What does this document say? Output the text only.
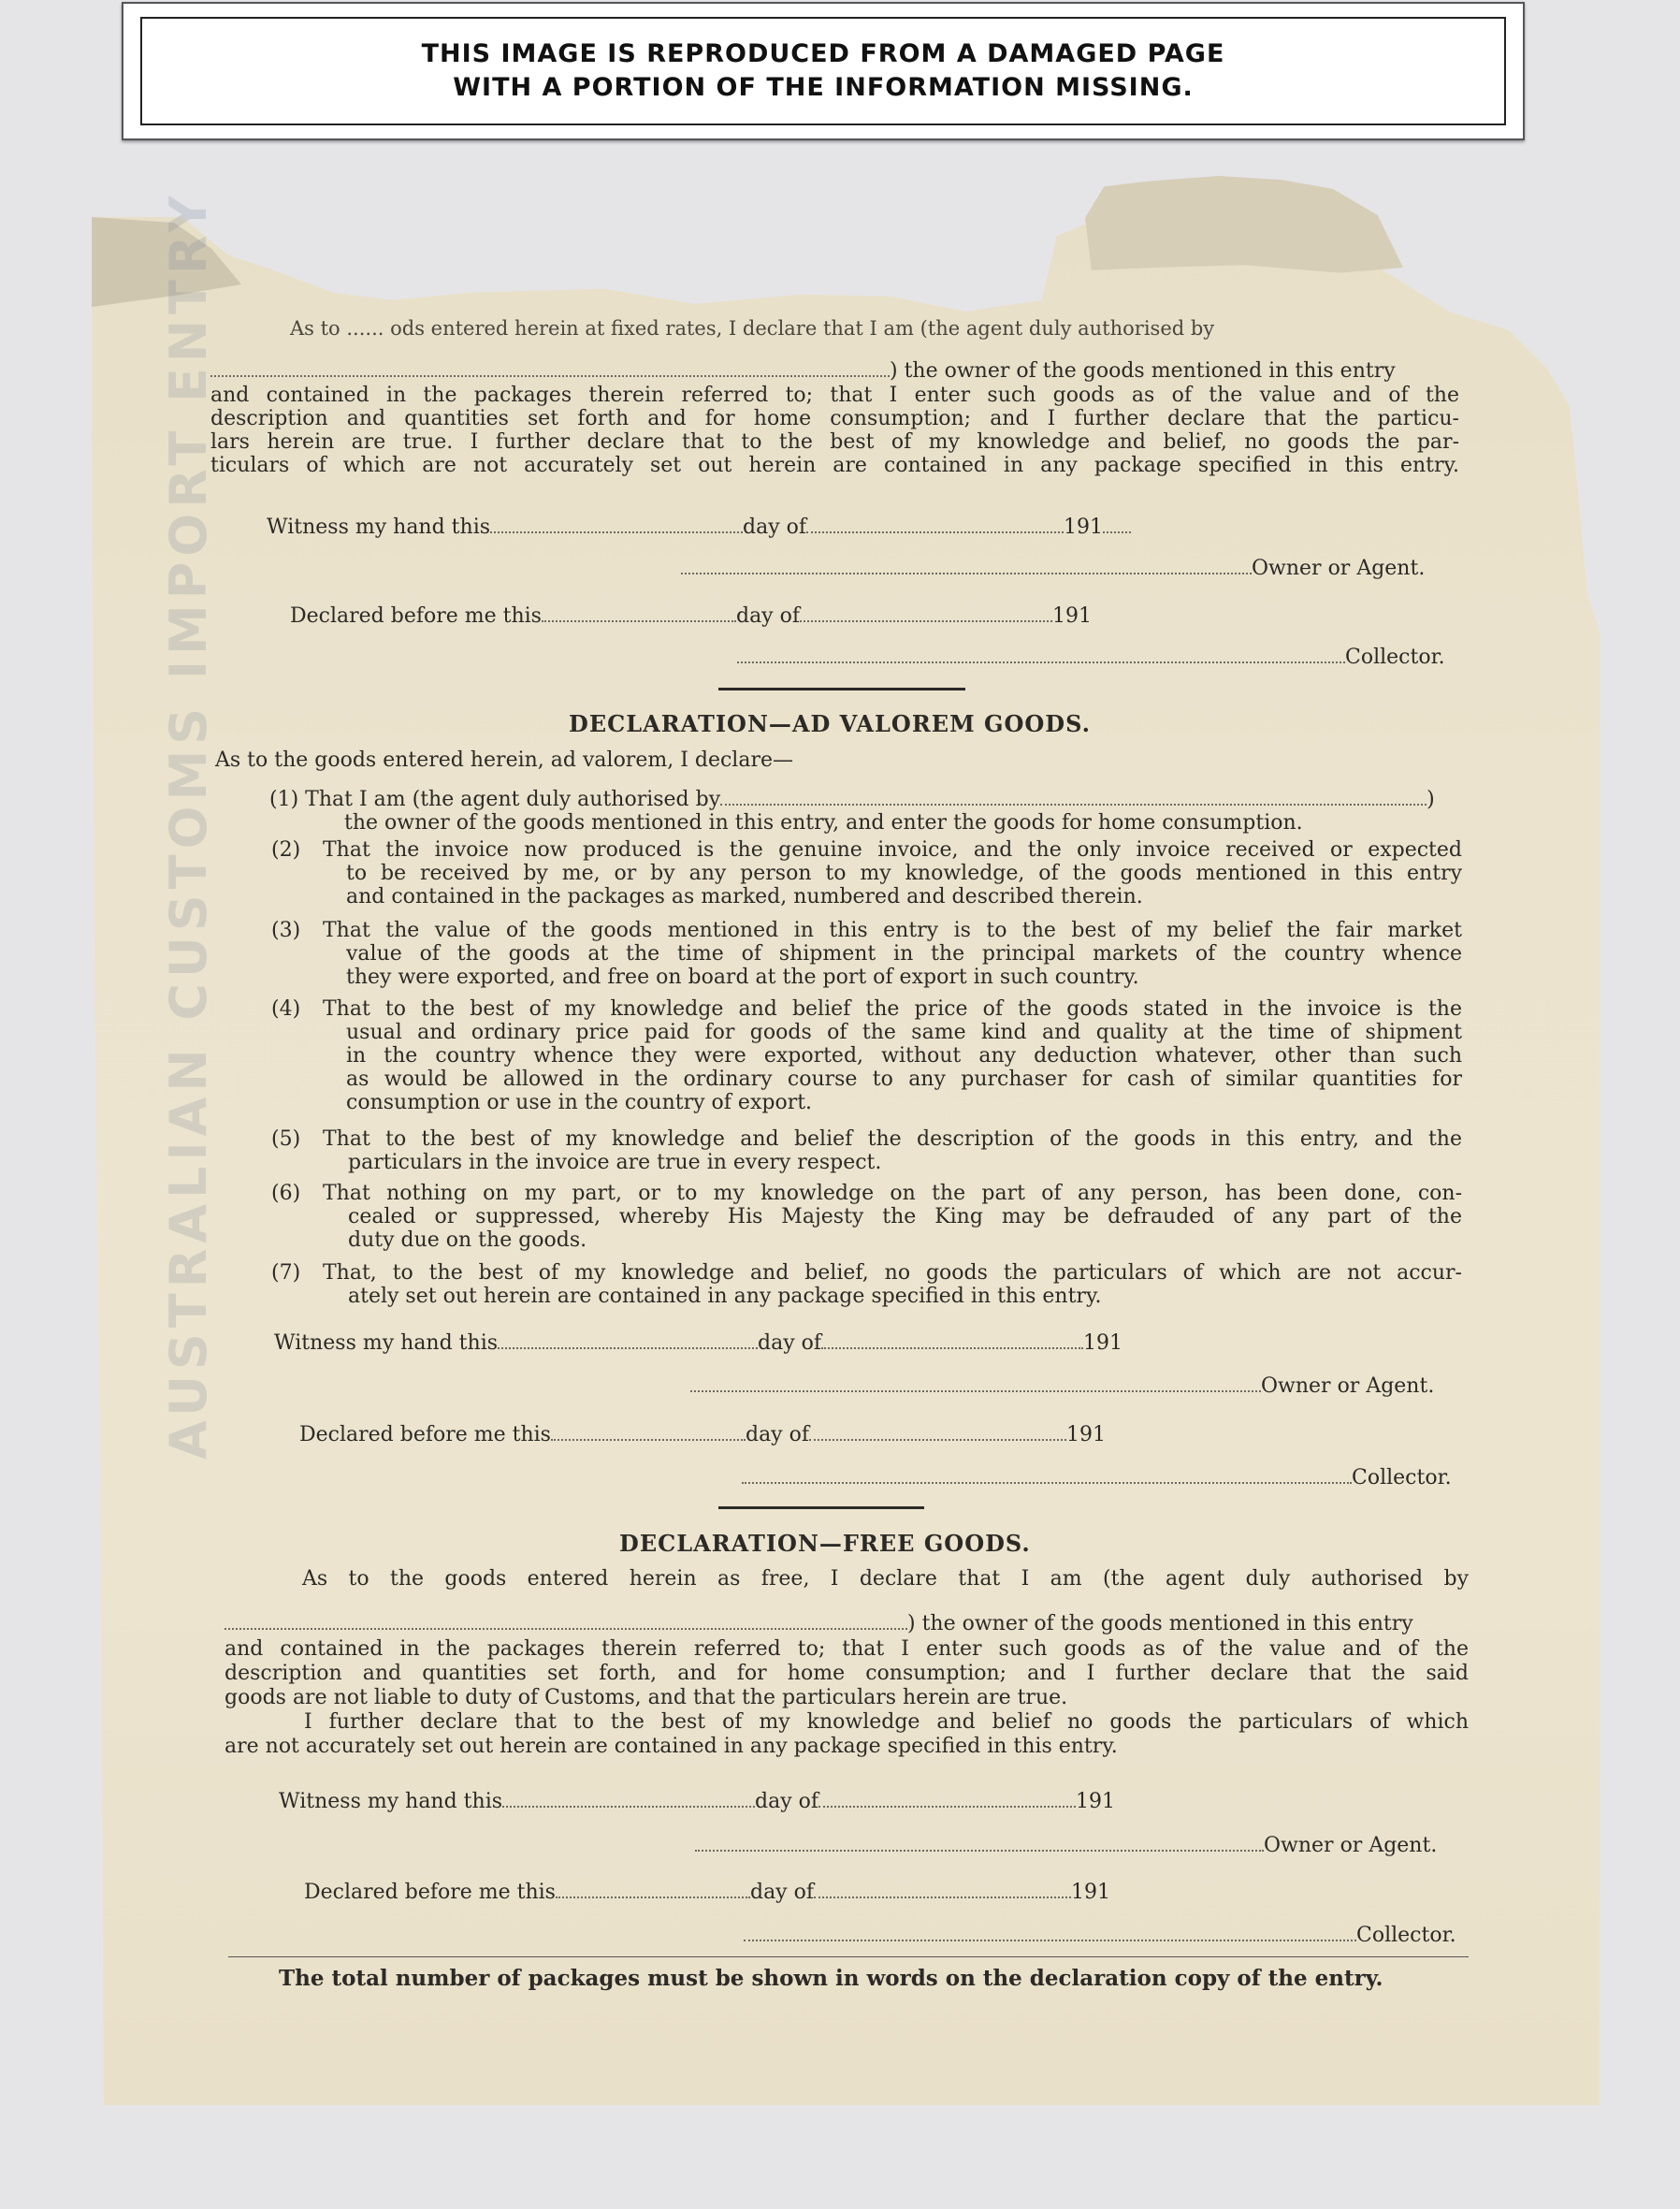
THIS IMAGE IS REPRODUCED FROM A DAMAGED PAGE
WITH A PORTION OF THE INFORMATION MISSING.
AUSTRALIAN CUSTOMS IMPORT ENTRY	As to ...... ods entered herein at fixed rates, I declare that I am (the agent duly authorised by
) the owner of the goods mentioned in this entry
and contained in the packages therein referred to; that I enter such goods as of the value and of the
description and quantities set forth and for home consumption; and I further declare that the particu-
lars herein are true. I further declare that to the best of my knowledge and belief, no goods the par-
ticulars of which are not accurately set out herein are contained in any package specified in this entry.
Witness my hand this	day of	191
Owner or Agent.
Declared before me this	day of	191
Collector.
DECLARATION—AD VALOREM GOODS.
As to the goods entered herein, ad valorem, I declare—
(1) That I am (the agent duly authorised by	)
the owner of the goods mentioned in this entry, and enter the goods for home consumption.
(2) That the invoice now produced is the genuine invoice, and the only invoice received or expected
to be received by me, or by any person to my knowledge, of the goods mentioned in this entry
and contained in the packages as marked, numbered and described therein.
(3) That the value of the goods mentioned in this entry is to the best of my belief the fair market
value of the goods at the time of shipment in the principal markets of the country whence
they were exported, and free on board at the port of export in such country.
(4) That to the best of my knowledge and belief the price of the goods stated in the invoice is the
usual and ordinary price paid for goods of the same kind and quality at the time of shipment
in the country whence they were exported, without any deduction whatever, other than such
as would be allowed in the ordinary course to any purchaser for cash of similar quantities for
consumption or use in the country of export.
(5) That to the best of my knowledge and belief the description of the goods in this entry, and the
particulars in the invoice are true in every respect.
(6) That nothing on my part, or to my knowledge on the part of any person, has been done, con-
cealed or suppressed, whereby His Majesty the King may be defrauded of any part of the
duty due on the goods.
(7) That, to the best of my knowledge and belief, no goods the particulars of which are not accur-
ately set out herein are contained in any package specified in this entry.
Witness my hand this	day of	191
Owner or Agent.
Declared before me this	day of	191
Collector.
DECLARATION—FREE GOODS.
As to the goods entered herein as free, I declare that I am (the agent duly authorised by
) the owner of the goods mentioned in this entry
and contained in the packages therein referred to; that I enter such goods as of the value and of the
description and quantities set forth, and for home consumption; and I further declare that the said
goods are not liable to duty of Customs, and that the particulars herein are true.
I further declare that to the best of my knowledge and belief no goods the particulars of which
are not accurately set out herein are contained in any package specified in this entry.
Witness my hand this	day of	191
Owner or Agent.
Declared before me this	day of	191
Collector.
The total number of packages must be shown in words on the declaration copy of the entry.
